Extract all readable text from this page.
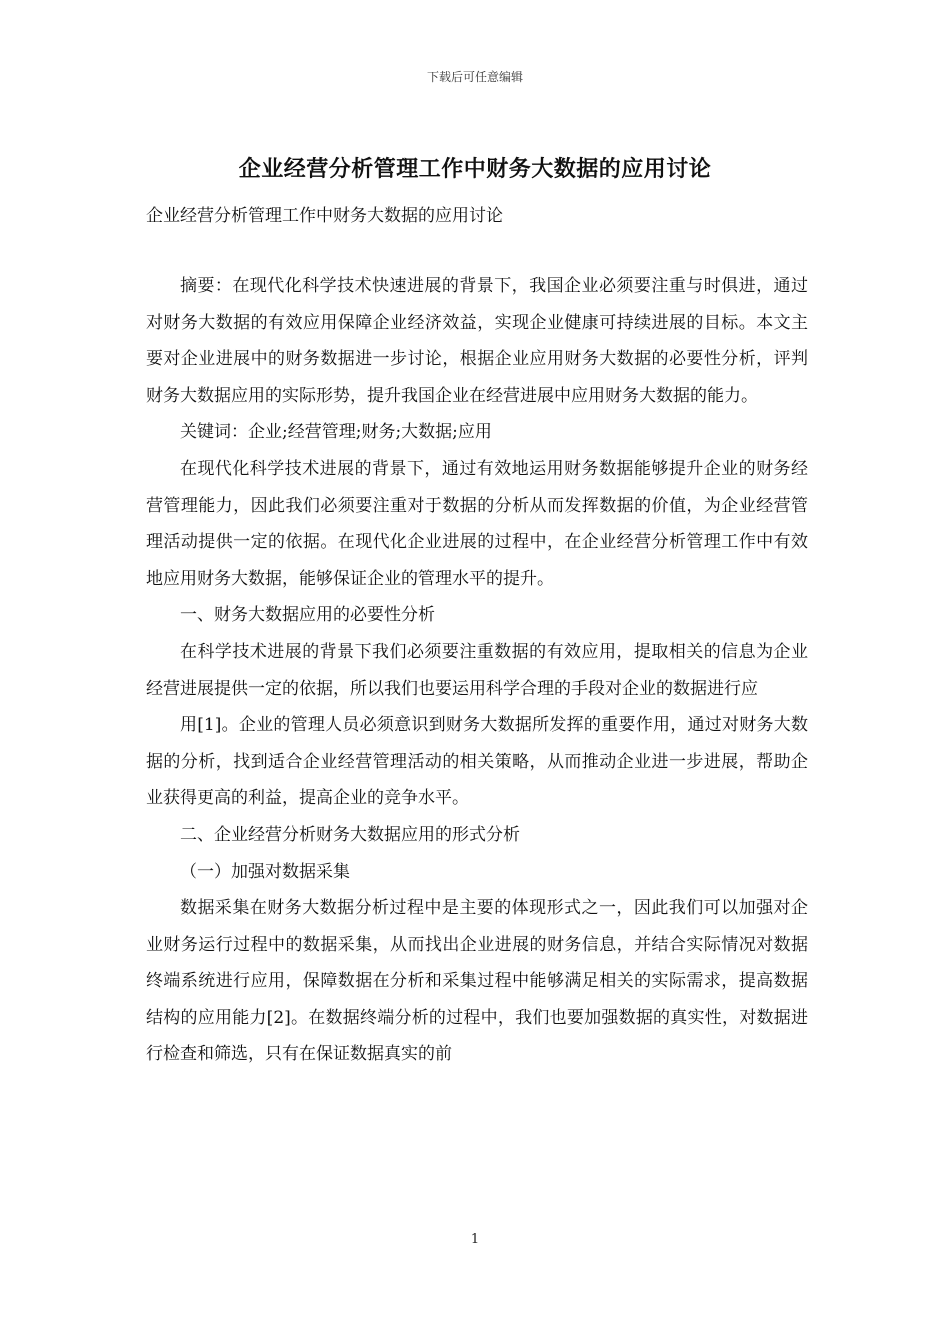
下载后可任意编辑
企业经营分析管理工作中财务大数据的应用讨论
企业经营分析管理工作中财务大数据的应用讨论

摘要：在现代化科学技术快速进展的背景下，我国企业必须要注重与时俱进，通过对财务大数据的有效应用保障企业经济效益，实现企业健康可持续进展的目标。本文主要对企业进展中的财务数据进一步讨论，根据企业应用财务大数据的必要性分析，评判财务大数据应用的实际形势，提升我国企业在经营进展中应用财务大数据的能力。

关键词：企业;经营管理;财务;大数据;应用

在现代化科学技术进展的背景下，通过有效地运用财务数据能够提升企业的财务经营管理能力，因此我们必须要注重对于数据的分析从而发挥数据的价值，为企业经营管理活动提供一定的依据。在现代化企业进展的过程中，在企业经营分析管理工作中有效地应用财务大数据，能够保证企业的管理水平的提升。

一、财务大数据应用的必要性分析

在科学技术进展的背景下我们必须要注重数据的有效应用，提取相关的信息为企业经营进展提供一定的依据，所以我们也要运用科学合理的手段对企业的数据进行应

用[1]。企业的管理人员必须意识到财务大数据所发挥的重要作用，通过对财务大数据的分析，找到适合企业经营管理活动的相关策略，从而推动企业进一步进展，帮助企业获得更高的利益，提高企业的竞争水平。

二、企业经营分析财务大数据应用的形式分析

（一）加强对数据采集

数据采集在财务大数据分析过程中是主要的体现形式之一，因此我们可以加强对企业财务运行过程中的数据采集，从而找出企业进展的财务信息，并结合实际情况对数据终端系统进行应用，保障数据在分析和采集过程中能够满足相关的实际需求，提高数据结构的应用能力[2]。在数据终端分析的过程中，我们也要加强数据的真实性，对数据进行检查和筛选，只有在保证数据真实的前

1
